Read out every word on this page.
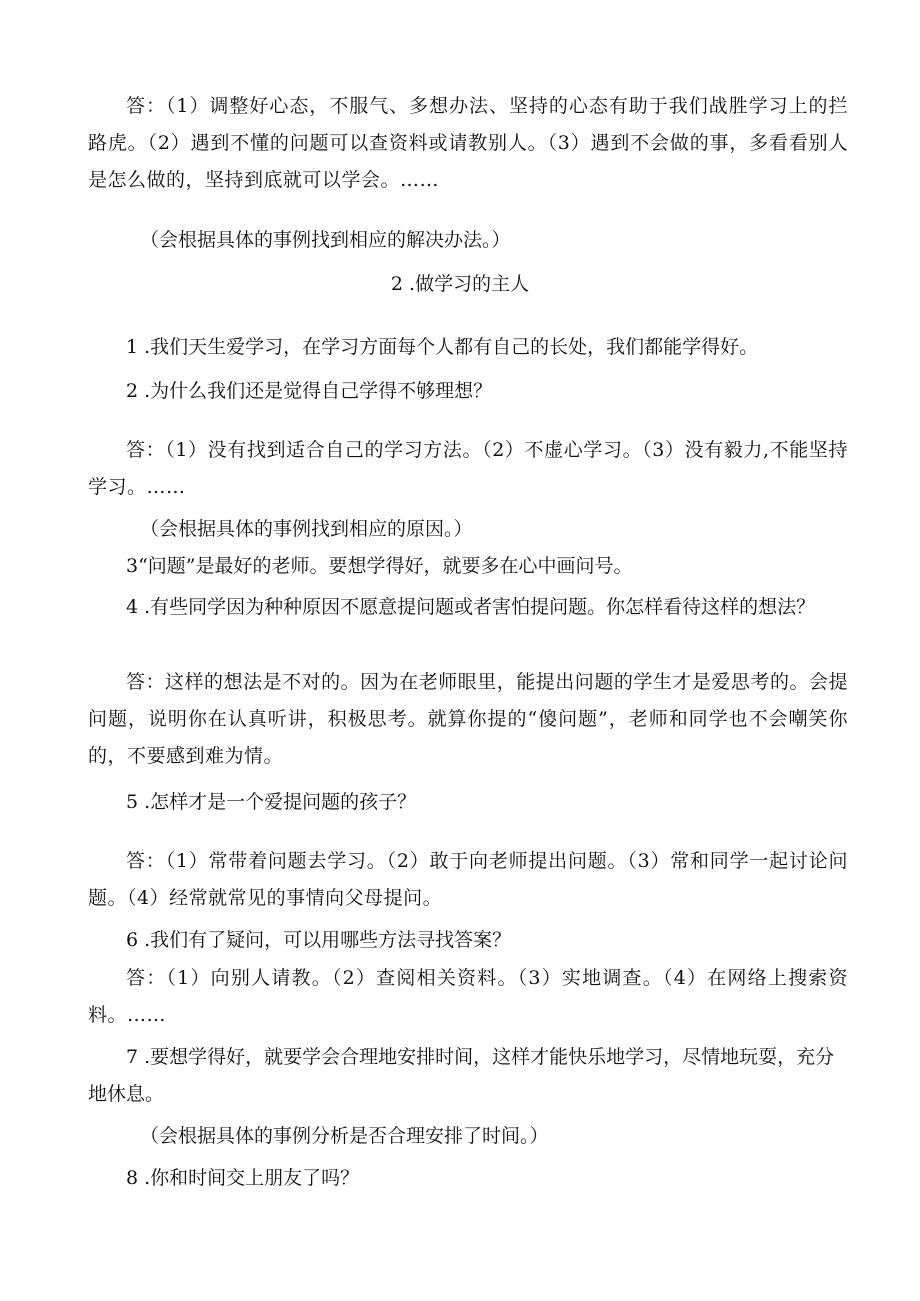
答：（1）调整好心态，不服气、多想办法、坚持的心态有助于我们战胜学习上的拦路虎。（2）遇到不懂的问题可以查资料或请教别人。（3）遇到不会做的事，多看看别人是怎么做的，坚持到底就可以学会。……

（会根据具体的事例找到相应的解决办法。）

2 .做学习的主人

1 .我们天生爱学习，在学习方面每个人都有自己的长处，我们都能学得好。

2 .为什么我们还是觉得自己学得不够理想？

答：（1）没有找到适合自己的学习方法。（2）不虚心学习。（3）没有毅力,不能坚持学习。……

（会根据具体的事例找到相应的原因。）

3“问题”是最好的老师。要想学得好，就要多在心中画问号。

4 .有些同学因为种种原因不愿意提问题或者害怕提问题。你怎样看待这样的想法？

答：这样的想法是不对的。因为在老师眼里，能提出问题的学生才是爱思考的。会提问题，说明你在认真听讲，积极思考。就算你提的“傻问题”，老师和同学也不会嘲笑你的，不要感到难为情。

5 .怎样才是一个爱提问题的孩子？

答：（1）常带着问题去学习。（2）敢于向老师提出问题。（3）常和同学一起讨论问题。（4）经常就常见的事情向父母提问。

6 .我们有了疑问，可以用哪些方法寻找答案？

答：（1）向别人请教。（2）查阅相关资料。（3）实地调查。（4）在网络上搜索资料。……

7 .要想学得好，就要学会合理地安排时间，这样才能快乐地学习，尽情地玩耍，充分地休息。

（会根据具体的事例分析是否合理安排了时间。）

8 .你和时间交上朋友了吗？
